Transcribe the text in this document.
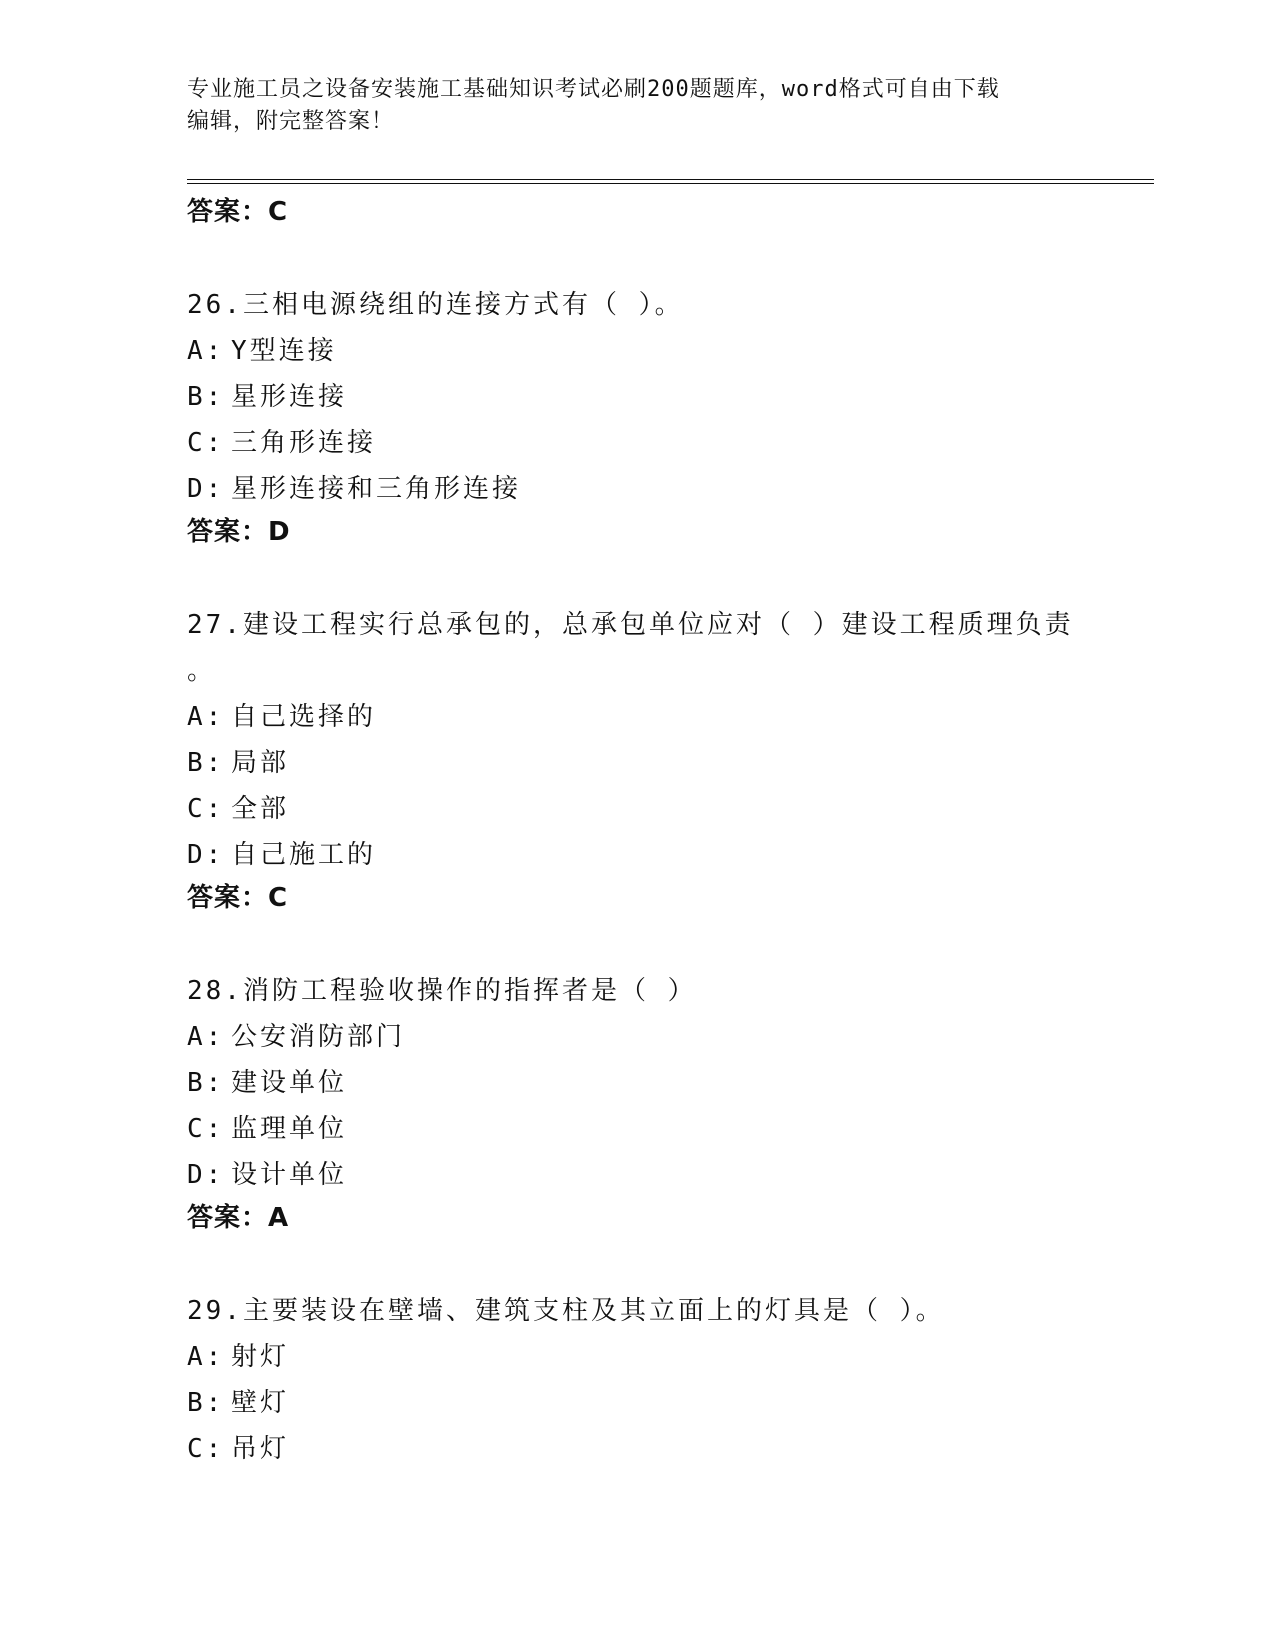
专业施工员之设备安装施工基础知识考试必刷200题题库，word格式可自由下载
编辑，附完整答案！
答案：C
26.三相电源绕组的连接方式有（ ）。
A: Y型连接
B: 星形连接
C: 三角形连接
D: 星形连接和三角形连接
答案：D
27.建设工程实行总承包的，总承包单位应对（ ）建设工程质理负责
。
A: 自己选择的
B: 局部
C: 全部
D: 自己施工的
答案：C
28.消防工程验收操作的指挥者是（ ）
A: 公安消防部门
B: 建设单位
C: 监理单位
D: 设计单位
答案：A
29.主要装设在壁墙、建筑支柱及其立面上的灯具是（ ）。
A: 射灯
B: 壁灯
C: 吊灯
